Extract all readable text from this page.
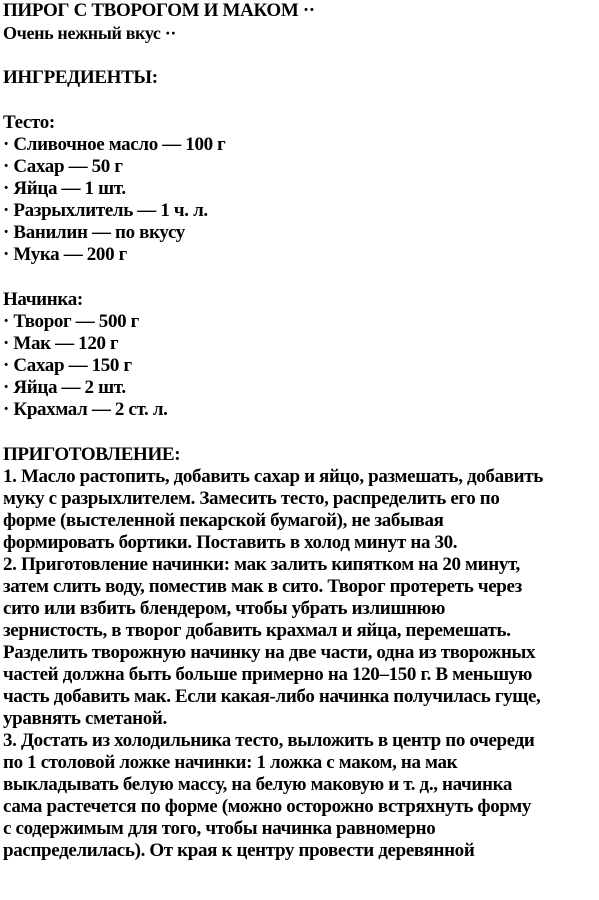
ПИРОГ С ТВОРОГОМ И МАКОМ ··
Очень нежный вкус ··
ИНГРЕДИЕНТЫ:
Тесто:
· Сливочное масло — 100 г
· Сахар — 50 г
· Яйца — 1 шт.
· Разрыхлитель — 1 ч. л.
· Ванилин — по вкусу
· Мука — 200 г
Начинка:
· Творог — 500 г
· Мак — 120 г
· Сахар — 150 г
· Яйца — 2 шт.
· Крахмал — 2 ст. л.
ПРИГОТОВЛЕНИЕ:
1. Масло растопить, добавить сахар и яйцо, размешать, добавить
муку с разрыхлителем. Замесить тесто, распределить его по
форме (выстеленной пекарской бумагой), не забывая
формировать бортики. Поставить в холод минут на 30.
2. Приготовление начинки: мак залить кипятком на 20 минут,
затем слить воду, поместив мак в сито. Творог протереть через
сито или взбить блендером, чтобы убрать излишнюю
зернистость, в творог добавить крахмал и яйца, перемешать.
Разделить творожную начинку на две части, одна из творожных
частей должна быть больше примерно на 120–150 г. В меньшую
часть добавить мак. Если какая-либо начинка получилась гуще,
уравнять сметаной.
3. Достать из холодильника тесто, выложить в центр по очереди
по 1 столовой ложке начинки: 1 ложка с маком, на мак
выкладывать белую массу, на белую маковую и т. д., начинка
сама растечется по форме (можно осторожно встряхнуть форму
с содержимым для того, чтобы начинка равномерно
распределилась). От края к центру провести деревянной
